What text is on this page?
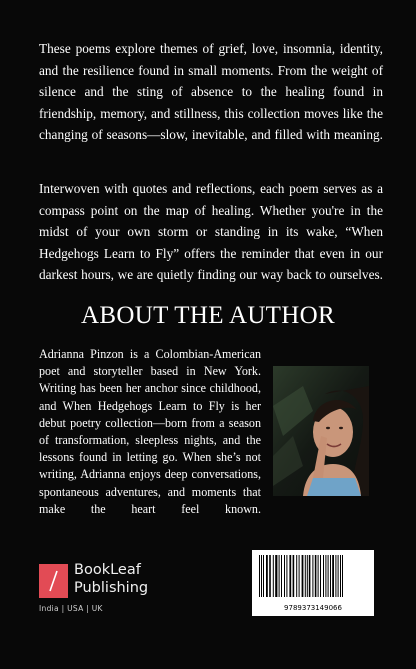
These poems explore themes of grief, love, insomnia, identity, and the resilience found in small moments. From the weight of silence and the sting of absence to the healing found in friendship, memory, and stillness, this collection moves like the changing of seasons—slow, inevitable, and filled with meaning.

Interwoven with quotes and reflections, each poem serves as a compass point on the map of healing. Whether you're in the midst of your own storm or standing in its wake, “When Hedgehogs Learn to Fly” offers the reminder that even in our darkest hours, we are quietly finding our way back to ourselves.

ABOUT THE AUTHOR

Adrianna Pinzon is a Colombian-American poet and storyteller based in New York. Writing has been her anchor since childhood, and When Hedgehogs Learn to Fly is her debut poetry collection—born from a season of transformation, sleepless nights, and the lessons found in letting go. When she’s not writing, Adrianna enjoys deep conversations, spontaneous adventures, and moments that make the heart feel known.

BookLeaf
Publishing
India | USA | UK	9789373149066
